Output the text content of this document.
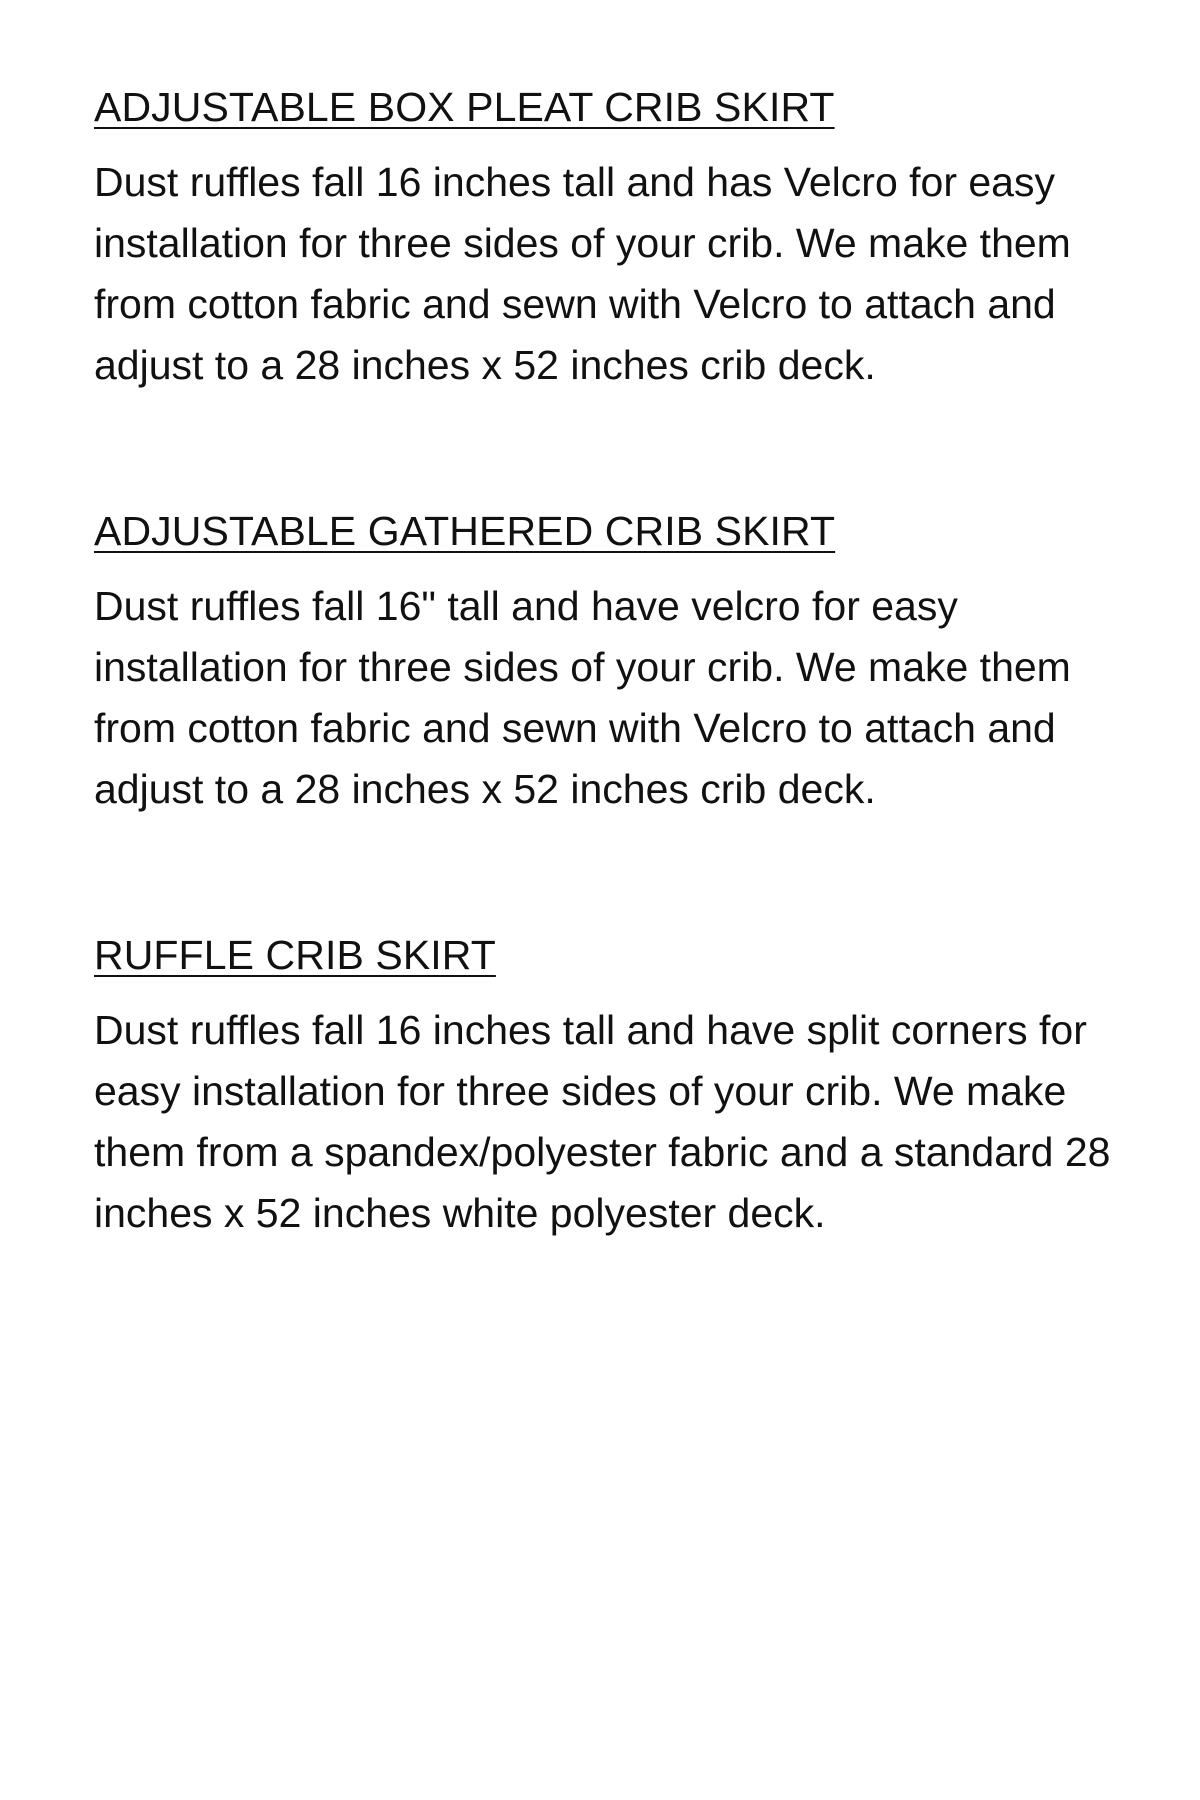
ADJUSTABLE BOX PLEAT CRIB SKIRT

Dust ruffles fall 16 inches tall and has Velcro for easy installation for three sides of your crib. We make them from cotton fabric and sewn with Velcro to attach and adjust to a 28 inches x 52 inches crib deck.

ADJUSTABLE GATHERED CRIB SKIRT

Dust ruffles fall 16" tall and have velcro for easy installation for three sides of your crib. We make them from cotton fabric and sewn with Velcro to attach and adjust to a 28 inches x 52 inches crib deck.

RUFFLE CRIB SKIRT

Dust ruffles fall 16 inches tall and have split corners for easy installation for three sides of your crib. We make them from a spandex/polyester fabric and a standard 28 inches x 52 inches white polyester deck.
